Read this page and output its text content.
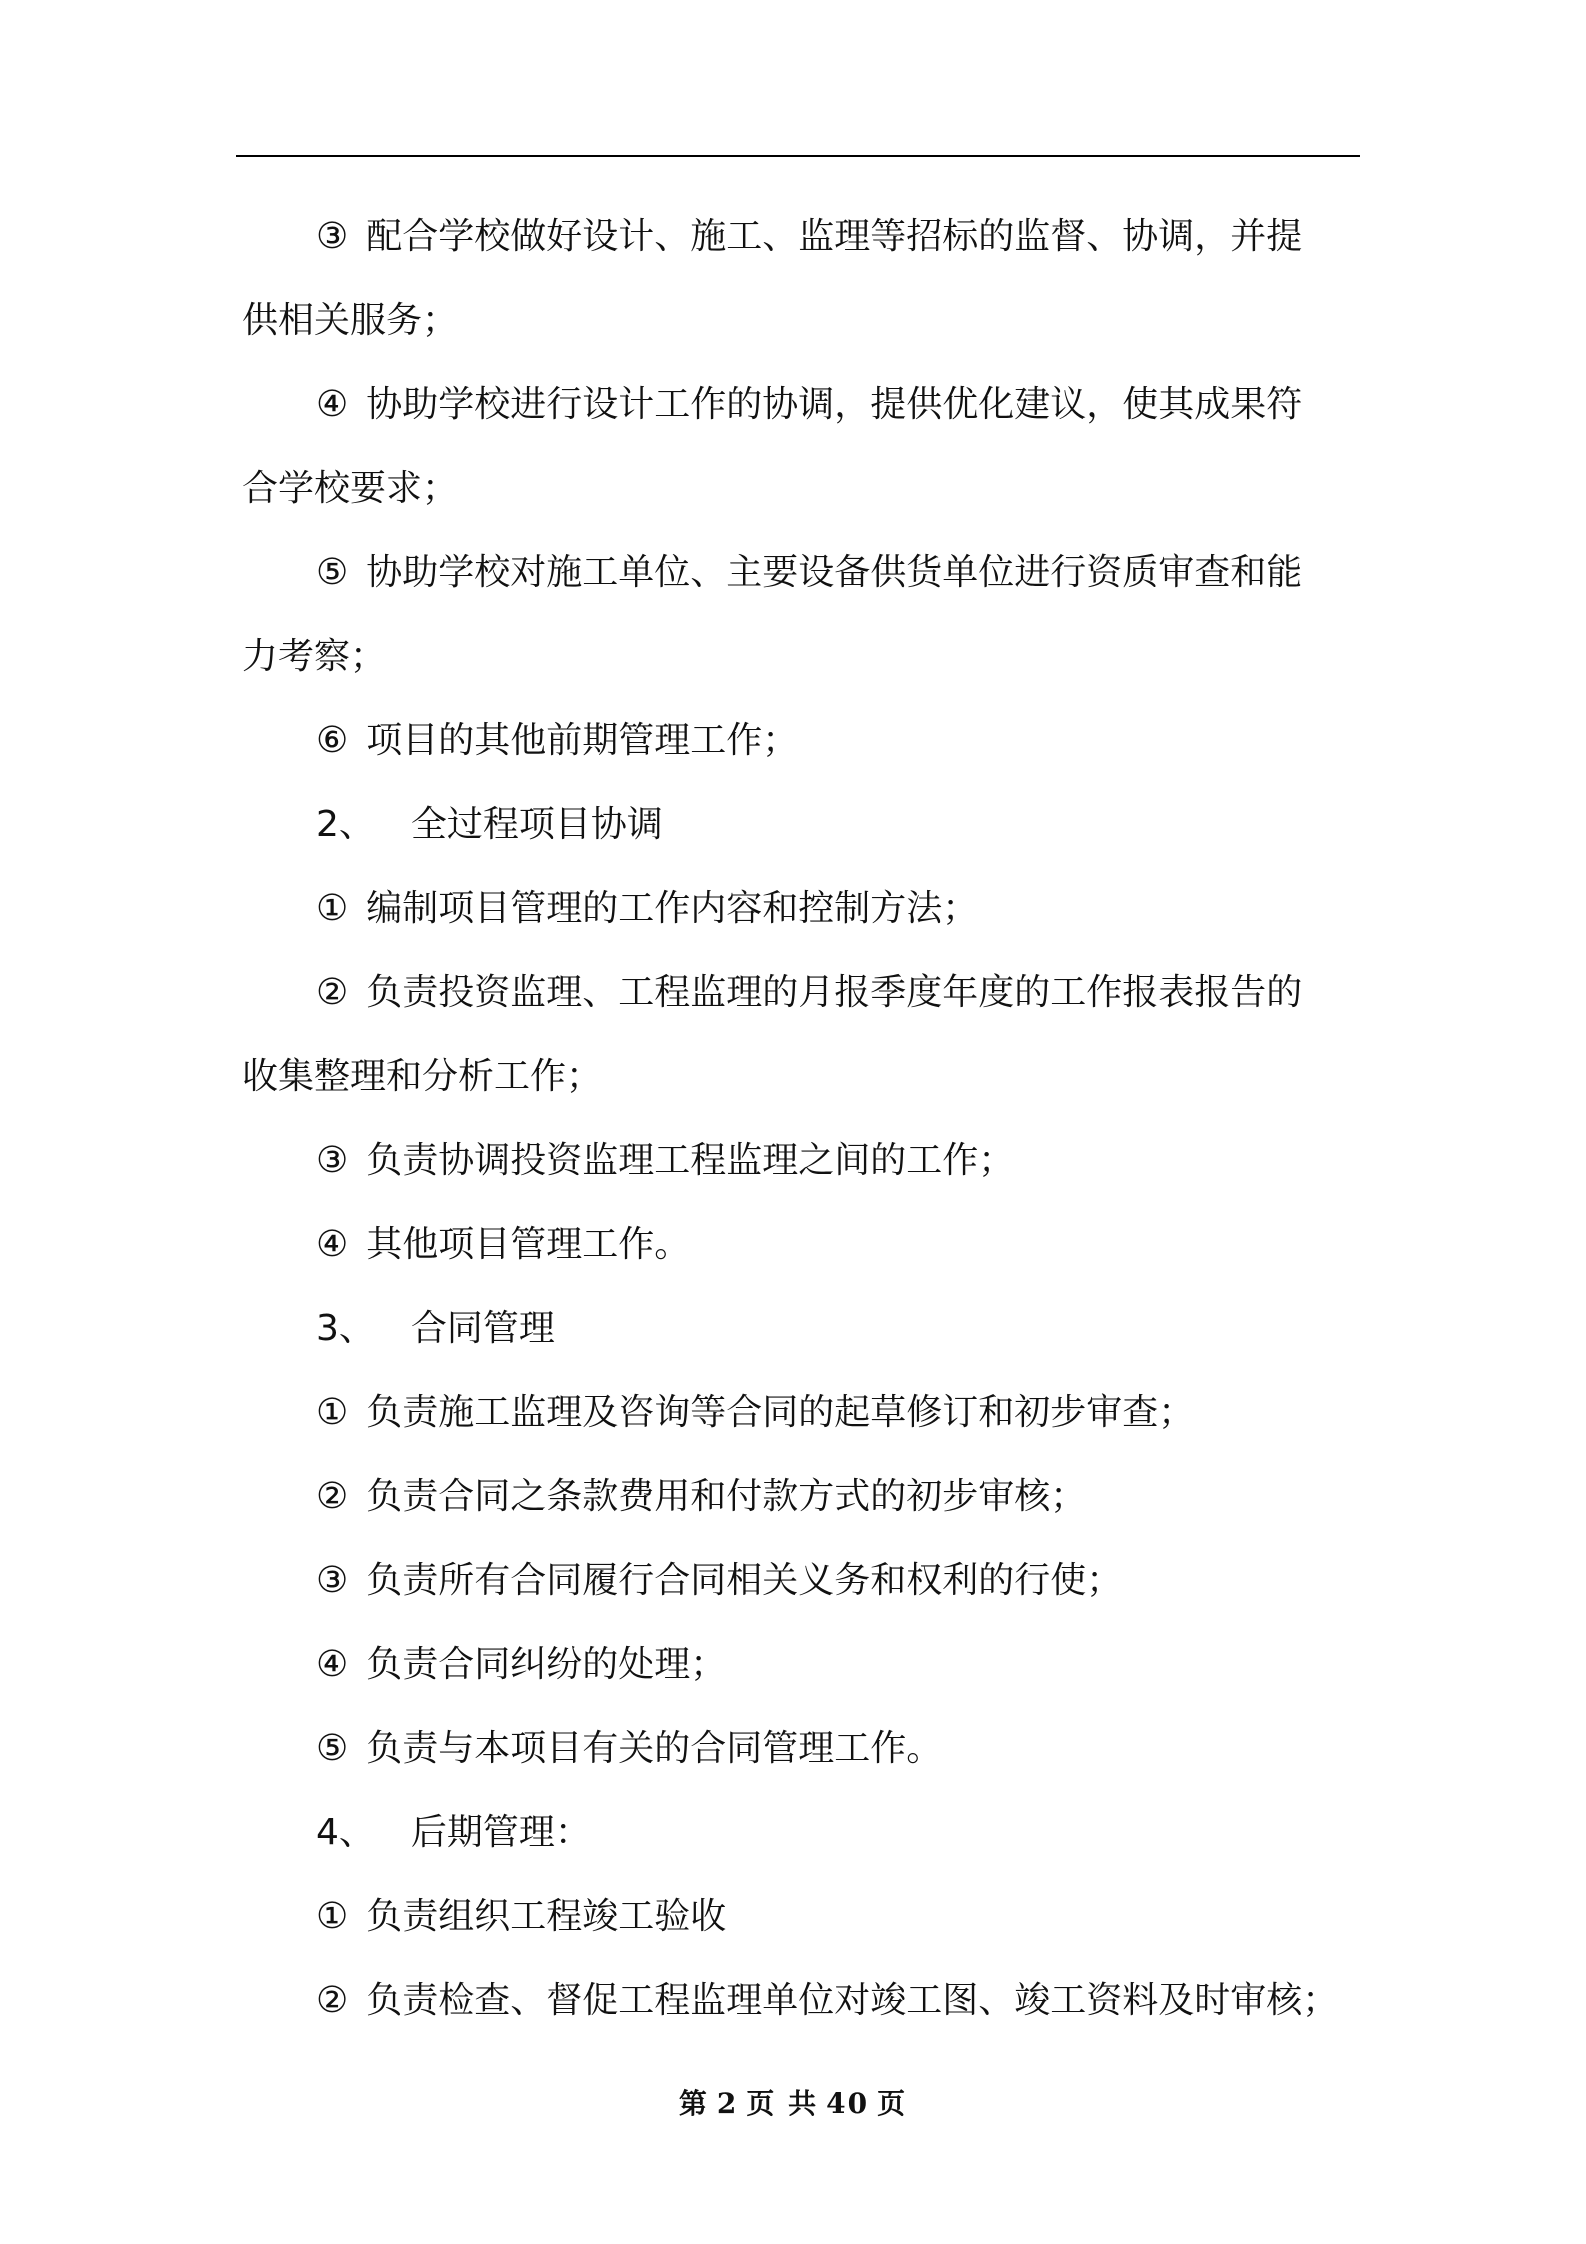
③ 配合学校做好设计、施工、监理等招标的监督、协调，并提

供相关服务；

④ 协助学校进行设计工作的协调，提供优化建议，使其成果符

合学校要求；

⑤ 协助学校对施工单位、主要设备供货单位进行资质审查和能

力考察；

⑥ 项目的其他前期管理工作；

2、 全过程项目协调

① 编制项目管理的工作内容和控制方法；

② 负责投资监理、工程监理的月报季度年度的工作报表报告的

收集整理和分析工作；

③ 负责协调投资监理工程监理之间的工作；

④ 其他项目管理工作。

3、 合同管理

① 负责施工监理及咨询等合同的起草修订和初步审查；

② 负责合同之条款费用和付款方式的初步审核；

③ 负责所有合同履行合同相关义务和权利的行使；

④ 负责合同纠纷的处理；

⑤ 负责与本项目有关的合同管理工作。

4、 后期管理：

① 负责组织工程竣工验收

② 负责检查、督促工程监理单位对竣工图、竣工资料及时审核；

第 2 页 共 40 页
